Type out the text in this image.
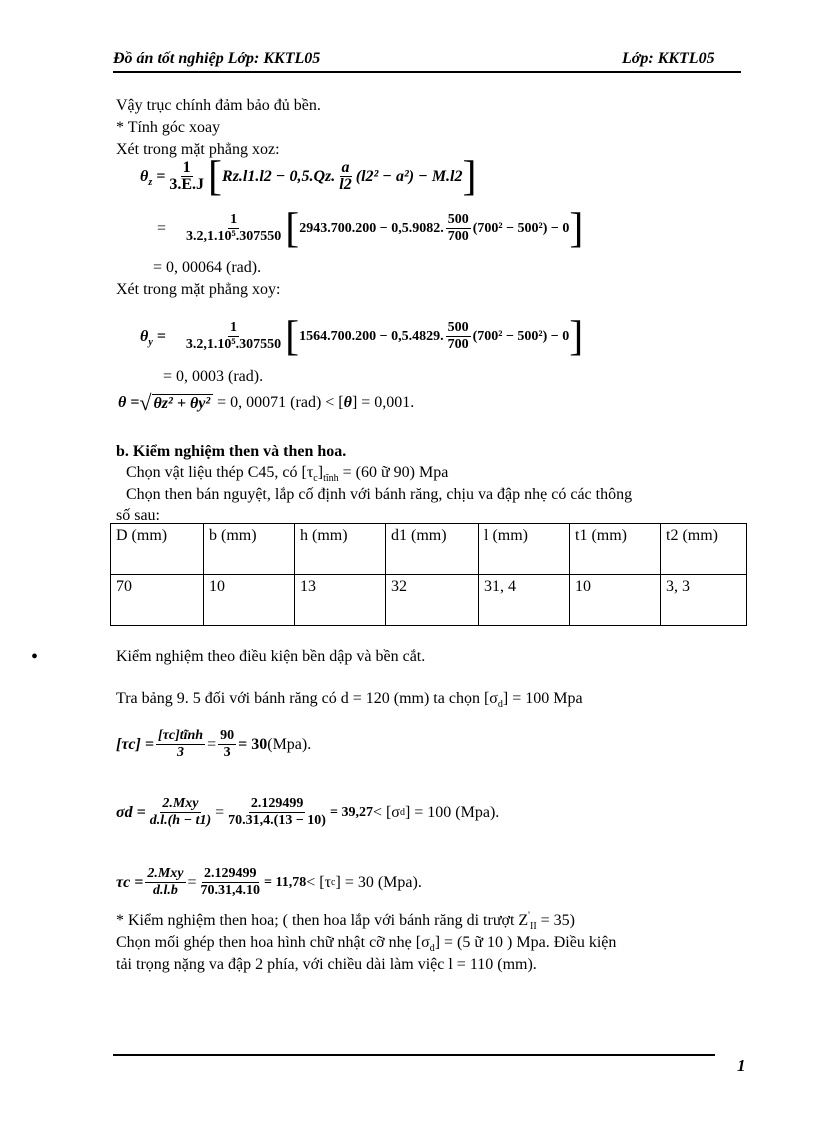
Đồ án tốt nghiệp Lớp: KKTL05	Lớp: KKTL05
Vậy trục chính đảm bảo đủ bền.
* Tính góc xoay
Xét trong mặt phẳng xoz:
$\theta_z = \frac{1}{3.E.J}$ [ Rz.l1.l2 − 0,5.Qz. $\frac{a}{l2} (l2^2 - a^2) - M.l2$ ]
= $\frac{1}{\text{3.2,1.10⁵.307550}}$ [ 2943.700.200 − 0,5.9082. $\frac{500}{700} (700^2 - 500^2) - 0$ ]
= 0, 00064 (rad).
Xét trong mặt phẳng xoy:
$\theta_y = \frac{1}{\text{3.2,1.10⁵.307550}}$ [ 1564.700.200 − 0,5.4829. $\frac{500}{700} (700^2 - 500^2) - 0$ ]
= 0, 0003 (rad).
θ = √ θz² + θy² = 0, 00071 (rad) < [ θ ] = 0,001.
b. Kiểm nghiệm then và then hoa.
Chọn vật liệu thép C45, có $[\tau_c]_{tĩnh} = (60$ ữ 90) Mpa
Chọn then bán nguyệt, lắp cố định với bánh răng, chịu va đập nhẹ có các thông
số sau:
D (mm)	b (mm)	h (mm)	d1 (mm)	l (mm)	t1 (mm)	t2 (mm)
70	10	13	32	31, 4	10	3, 3
•	Kiểm nghiệm theo điều kiện bền dập và bền cắt.
Tra bảng 9. 5 đối với bánh răng có d = 120 (mm) ta chọn $[\sigma_d] = 100$ Mpa
$[\tau c] = \frac{\text{[τc]tĩnh}}{3} = \frac{90}{3} = 30$ (Mpa).
$\sigma d = \frac{\text{2.Mxy}}{d.l.(h - t1)} = \frac{2.129499}{70.31,4.(13 - 10)} = 39,27 < [\sigma$ d ] = 100 (Mpa).
$\tau c = \frac{\text{2.Mxy}}{d.l.b} = \frac{2.129499}{70.31,4.10} = 11,78 < [\tau$ c ] = 30 (Mpa).
* Kiểm nghiệm then hoa; ( then hoa lắp với bánh răng di trượt $Z'_{II} = 35$)
Chọn mối ghép then hoa hình chữ nhật cỡ nhẹ $[\sigma_d] = (5$ ữ 10 ) Mpa. Điều kiện
tải trọng nặng va đập 2 phía, với chiều dài làm việc l = 110 (mm).
1
